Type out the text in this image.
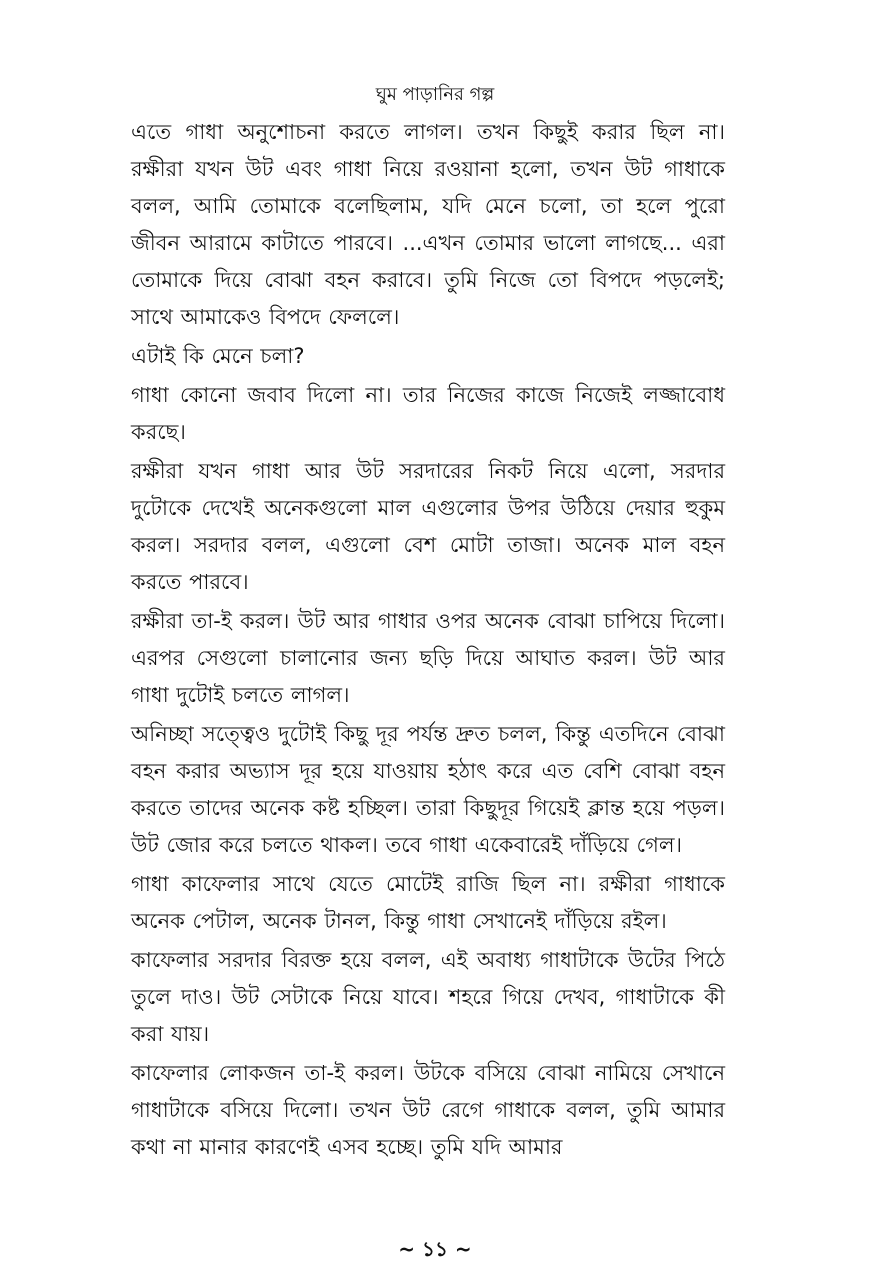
ঘুম পাড়ানির গল্প

এতে গাধা অনুশোচনা করতে লাগল। তখন কিছুই করার ছিল না। রক্ষীরা যখন উট এবং গাধা নিয়ে রওয়ানা হলো, তখন উট গাধাকে বলল, আমি তোমাকে বলেছিলাম, যদি মেনে চলো, তা হলে পুরো জীবন আরামে কাটাতে পারবে। ...এখন তোমার ভালো লাগছে... এরা তোমাকে দিয়ে বোঝা বহন করাবে। তুমি নিজে তো বিপদে পড়লেই; সাথে আমাকেও বিপদে ফেললে।

এটাই কি মেনে চলা?

গাধা কোনো জবাব দিলো না। তার নিজের কাজে নিজেই লজ্জাবোধ করছে।

রক্ষীরা যখন গাধা আর উট সরদারের নিকট নিয়ে এলো, সরদার দুটোকে দেখেই অনেকগুলো মাল এগুলোর উপর উঠিয়ে দেয়ার হুকুম করল। সরদার বলল, এগুলো বেশ মোটা তাজা। অনেক মাল বহন করতে পারবে।

রক্ষীরা তা-ই করল। উট আর গাধার ওপর অনেক বোঝা চাপিয়ে দিলো। এরপর সেগুলো চালানোর জন্য ছড়ি দিয়ে আঘাত করল। উট আর গাধা দুটোই চলতে লাগল।

অনিচ্ছা সত্ত্বেও দুটোই কিছু দূর পর্যন্ত দ্রুত চলল, কিন্তু এতদিনে বোঝা বহন করার অভ্যাস দূর হয়ে যাওয়ায় হঠাৎ করে এত বেশি বোঝা বহন করতে তাদের অনেক কষ্ট হচ্ছিল। তারা কিছুদূর গিয়েই ক্লান্ত হয়ে পড়ল। উট জোর করে চলতে থাকল। তবে গাধা একেবারেই দাঁড়িয়ে গেল।

গাধা কাফেলার সাথে যেতে মোটেই রাজি ছিল না। রক্ষীরা গাধাকে অনেক পেটাল, অনেক টানল, কিন্তু গাধা সেখানেই দাঁড়িয়ে রইল।

কাফেলার সরদার বিরক্ত হয়ে বলল, এই অবাধ্য গাধাটাকে উটের পিঠে তুলে দাও। উট সেটাকে নিয়ে যাবে। শহরে গিয়ে দেখব, গাধাটাকে কী করা যায়।

কাফেলার লোকজন তা-ই করল। উটকে বসিয়ে বোঝা নামিয়ে সেখানে গাধাটাকে বসিয়ে দিলো। তখন উট রেগে গাধাকে বলল, তুমি আমার কথা না মানার কারণেই এসব হচ্ছে। তুমি যদি আমার

~ ১১ ~
